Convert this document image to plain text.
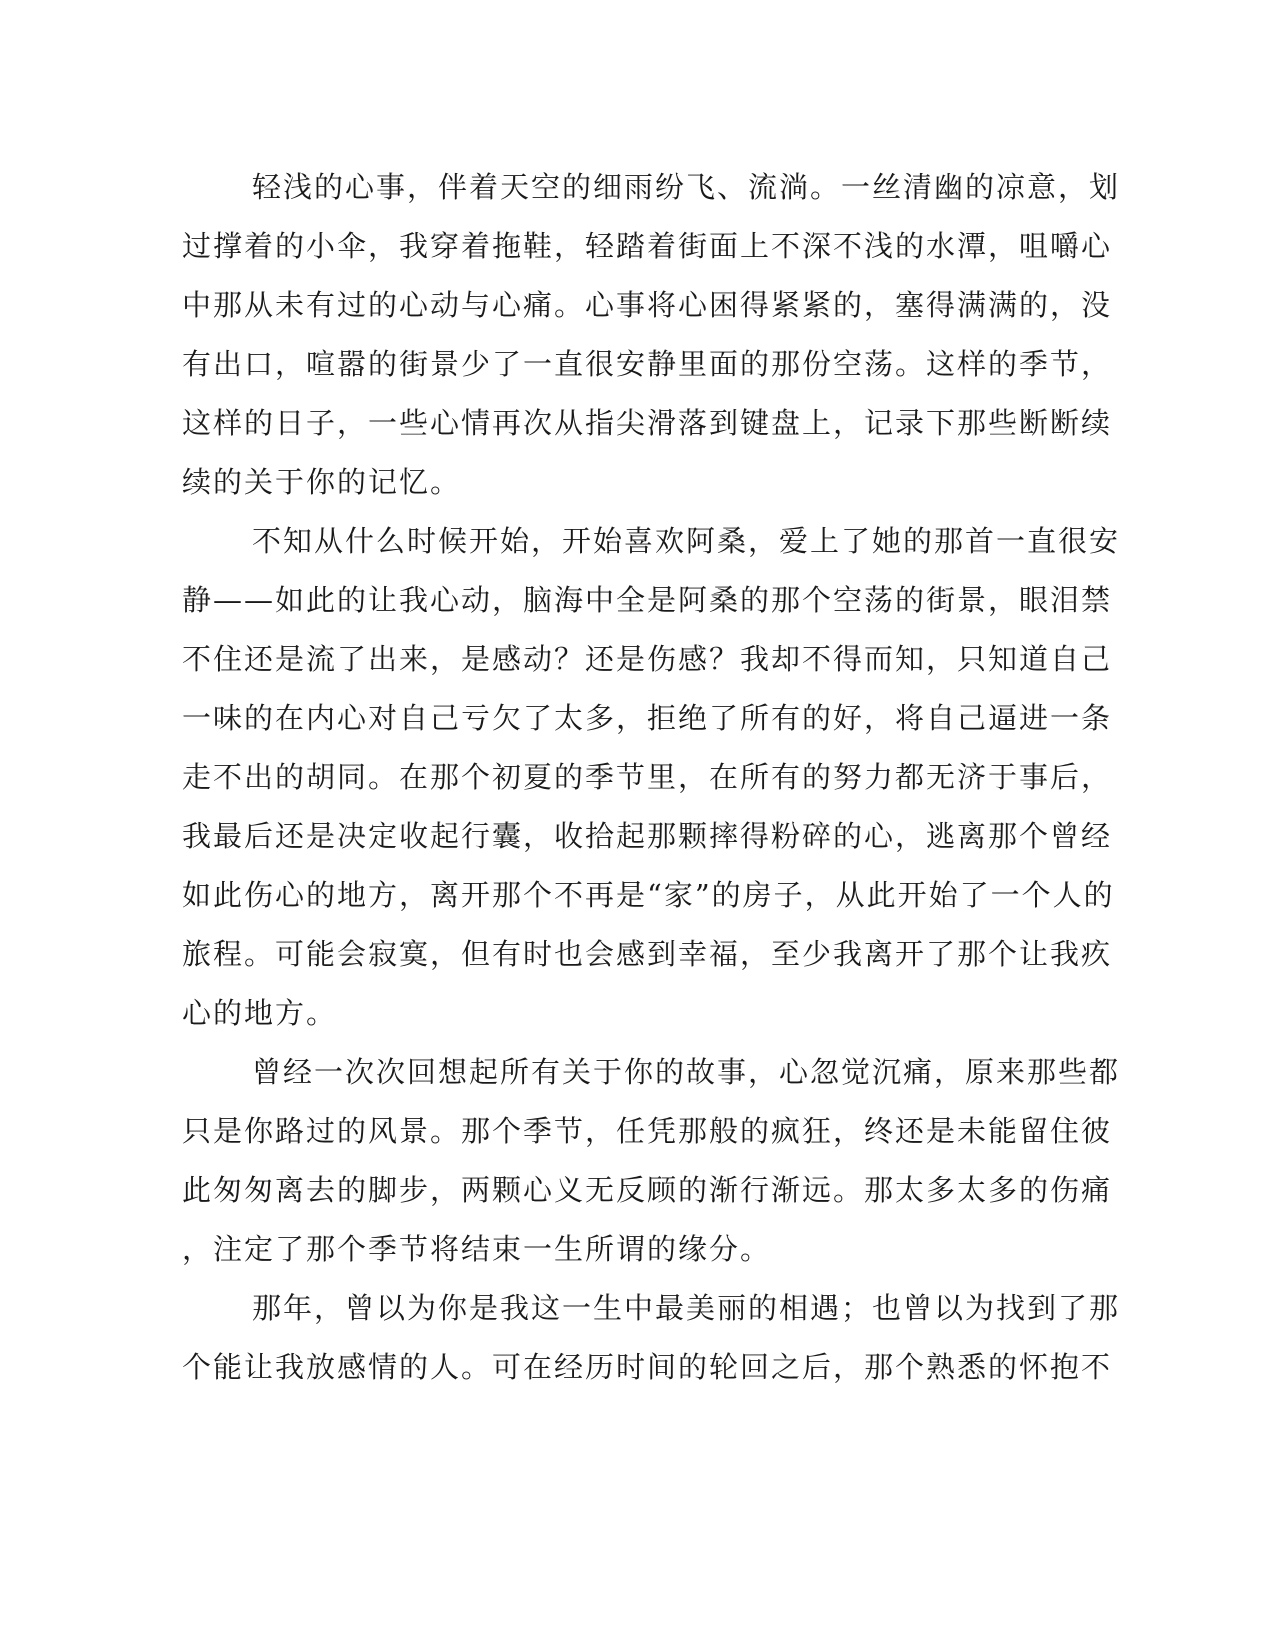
轻浅的心事，伴着天空的细雨纷飞、流淌。一丝清幽的凉意，划
过撑着的小伞，我穿着拖鞋，轻踏着街面上不深不浅的水潭，咀嚼心
中那从未有过的心动与心痛。心事将心困得紧紧的，塞得满满的，没
有出口，喧嚣的街景少了一直很安静里面的那份空荡。这样的季节，
这样的日子，一些心情再次从指尖滑落到键盘上，记录下那些断断续
续的关于你的记忆。
不知从什么时候开始，开始喜欢阿桑，爱上了她的那首一直很安
静——如此的让我心动，脑海中全是阿桑的那个空荡的街景，眼泪禁
不住还是流了出来，是感动？还是伤感？我却不得而知，只知道自己
一味的在内心对自己亏欠了太多，拒绝了所有的好，将自己逼进一条
走不出的胡同。在那个初夏的季节里，在所有的努力都无济于事后，
我最后还是决定收起行囊，收拾起那颗摔得粉碎的心，逃离那个曾经
如此伤心的地方，离开那个不再是“家”的房子，从此开始了一个人的
旅程。可能会寂寞，但有时也会感到幸福，至少我离开了那个让我疚
心的地方。
曾经一次次回想起所有关于你的故事，心忽觉沉痛，原来那些都
只是你路过的风景。那个季节，任凭那般的疯狂，终还是未能留住彼
此匆匆离去的脚步，两颗心义无反顾的渐行渐远。那太多太多的伤痛
，注定了那个季节将结束一生所谓的缘分。
那年，曾以为你是我这一生中最美丽的相遇；也曾以为找到了那
个能让我放感情的人。可在经历时间的轮回之后，那个熟悉的怀抱不
